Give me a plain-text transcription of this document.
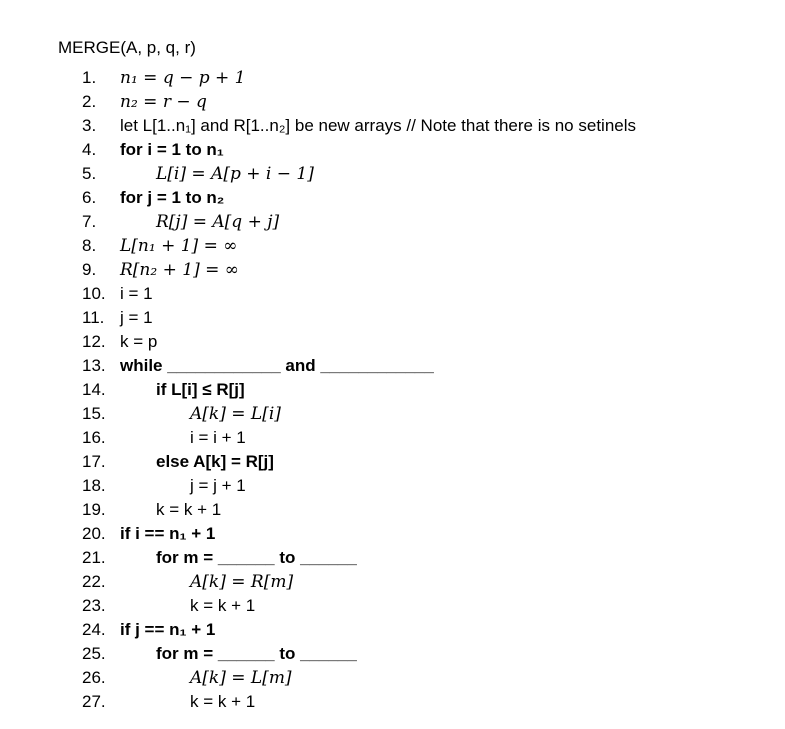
MERGE(A, p, q, r)
1.	n₁ = q − p + 1
2.	n₂ = r − q
3.	let L[1..n₁] and R[1..n₂] be new arrays // Note that there is no setinels
4.	for i = 1 to n₁
5.	L[i] = A[p + i − 1]
6.	for j = 1 to n₂
7.	R[j] = A[q + j]
8.	L[n₁ + 1] = ∞
9.	R[n₂ + 1] = ∞
10. i = 1
11. j = 1
12. k = p
13. while ____________ and ____________
14.	if L[i] ≤ R[j]
15.	A[k] = L[i]
16.	i = i + 1
17.	else A[k] = R[j]
18.	j = j + 1
19.	k = k + 1
20. if i == n₁ + 1
21.	for m = ______ to ______
22.	A[k] = R[m]
23.	k = k + 1
24. if j == n₁ + 1
25.	for m = ______ to ______
26.	A[k] = L[m]
27.	k = k + 1
